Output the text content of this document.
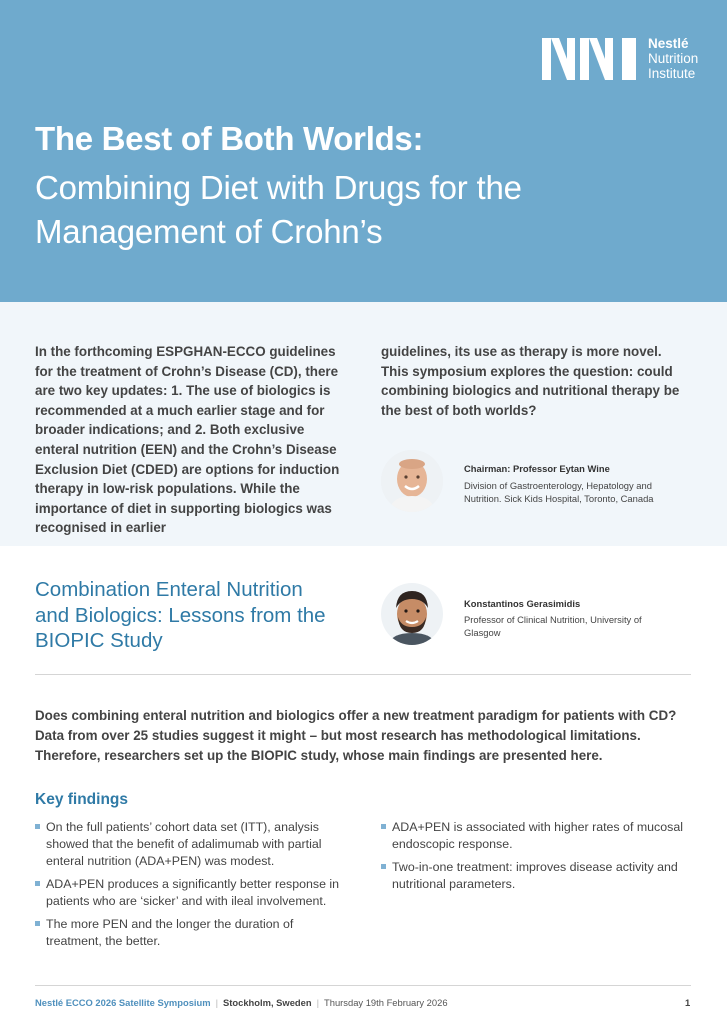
Nestlé
Nutrition
Institute
The Best of Both Worlds:
Combining Diet with Drugs for the Management of Crohn’s
In the forthcoming ESPGHAN-ECCO guidelines for the treatment of Crohn’s Disease (CD), there are two key updates: 1. The use of biologics is recommended at a much earlier stage and for broader indications; and 2. Both exclusive enteral nutrition (EEN) and the Crohn’s Disease Exclusion Diet (CDED) are options for induction therapy in low-risk populations. While the importance of diet in supporting biologics was recognised in earlier
guidelines, its use as therapy is more novel. This symposium explores the question: could combining biologics and nutritional therapy be the best of both worlds?
Chairman: Professor Eytan Wine
Division of Gastroenterology, Hepatology and Nutrition. Sick Kids Hospital, Toronto, Canada
Combination Enteral Nutrition and Biologics: Lessons from the BIOPIC Study
Konstantinos Gerasimidis
Professor of Clinical Nutrition, University of Glasgow
Does combining enteral nutrition and biologics offer a new treatment paradigm for patients with CD? Data from over 25 studies suggest it might – but most research has methodological limitations. Therefore, researchers set up the BIOPIC study, whose main findings are presented here.
Key findings
On the full patients’ cohort data set (ITT), analysis showed that the benefit of adalimumab with partial enteral nutrition (ADA+PEN) was modest.
ADA+PEN produces a significantly better response in patients who are ‘sicker’ and with ileal involvement.
The more PEN and the longer the duration of treatment, the better.
ADA+PEN is associated with higher rates of mucosal endoscopic response.
Two-in-one treatment: improves disease activity and nutritional parameters.
Nestlé ECCO 2026 Satellite Symposium | Stockholm, Sweden | Thursday 19th February 2026	1
